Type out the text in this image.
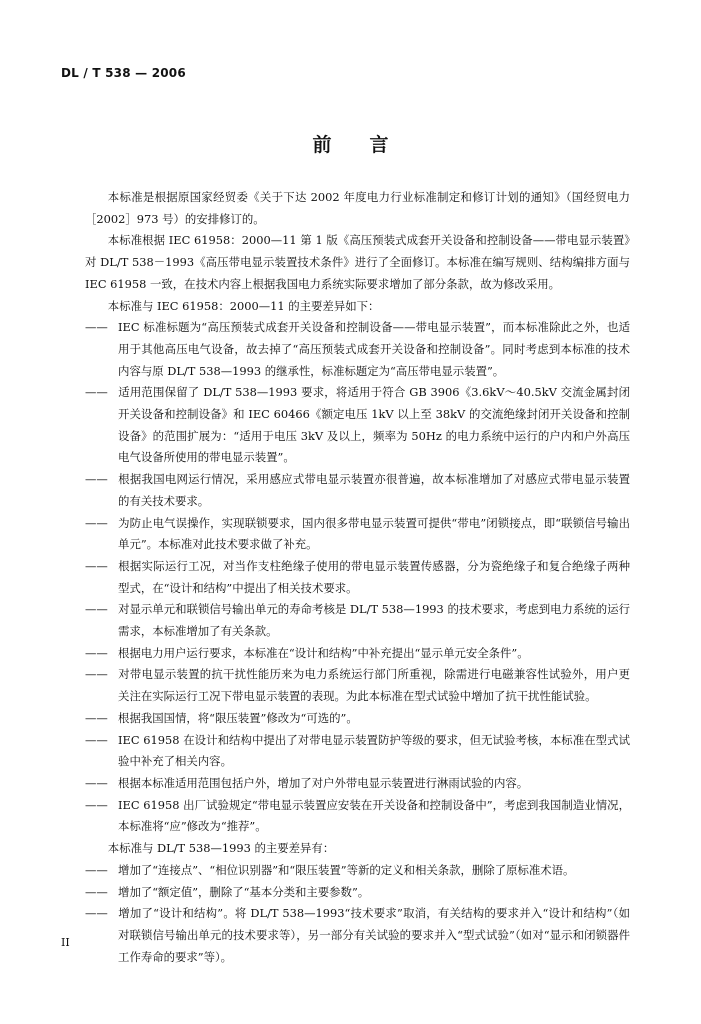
DL / T 538 — 2006
前言

本标准是根据原国家经贸委《关于下达 2002 年度电力行业标准制定和修订计划的通知》（国经贸电力［2002］973 号）的安排修订的。

本标准根据 IEC 61958：2000—11 第 1 版《高压预装式成套开关设备和控制设备——带电显示装置》对 DL/T 538－1993《高压带电显示装置技术条件》进行了全面修订。本标准在编写规则、结构编排方面与 IEC 61958 一致，在技术内容上根据我国电力系统实际要求增加了部分条款，故为修改采用。

本标准与 IEC 61958：2000—11 的主要差异如下：

—— IEC 标准标题为“高压预装式成套开关设备和控制设备——带电显示装置”，而本标准除此之外，也适用于其他高压电气设备，故去掉了“高压预装式成套开关设备和控制设备”。同时考虑到本标准的技术内容与原 DL/T 538—1993 的继承性，标准标题定为“高压带电显示装置”。

—— 适用范围保留了 DL/T 538—1993 要求，将适用于符合 GB 3906《3.6kV～40.5kV 交流金属封闭开关设备和控制设备》和 IEC 60466《额定电压 1kV 以上至 38kV 的交流绝缘封闭开关设备和控制设备》的范围扩展为：“适用于电压 3kV 及以上，频率为 50Hz 的电力系统中运行的户内和户外高压电气设备所使用的带电显示装置”。

—— 根据我国电网运行情况，采用感应式带电显示装置亦很普遍，故本标准增加了对感应式带电显示装置的有关技术要求。

—— 为防止电气误操作，实现联锁要求，国内很多带电显示装置可提供“带电”闭锁接点，即“联锁信号输出单元”。本标准对此技术要求做了补充。

—— 根据实际运行工况，对当作支柱绝缘子使用的带电显示装置传感器，分为瓷绝缘子和复合绝缘子两种型式，在“设计和结构”中提出了相关技术要求。

—— 对显示单元和联锁信号输出单元的寿命考核是 DL/T 538—1993 的技术要求，考虑到电力系统的运行需求，本标准增加了有关条款。

—— 根据电力用户运行要求，本标准在“设计和结构”中补充提出“显示单元安全条件”。

—— 对带电显示装置的抗干扰性能历来为电力系统运行部门所重视，除需进行电磁兼容性试验外，用户更关注在实际运行工况下带电显示装置的表现。为此本标准在型式试验中增加了抗干扰性能试验。

—— 根据我国国情，将“限压装置”修改为“可选的”。

—— IEC 61958 在设计和结构中提出了对带电显示装置防护等级的要求，但无试验考核，本标准在型式试验中补充了相关内容。

—— 根据本标准适用范围包括户外，增加了对户外带电显示装置进行淋雨试验的内容。

—— IEC 61958 出厂试验规定“带电显示装置应安装在开关设备和控制设备中”，考虑到我国制造业情况，本标准将“应”修改为“推荐”。

本标准与 DL/T 538—1993 的主要差异有：

—— 增加了“连接点”、“相位识别器”和“限压装置”等新的定义和相关条款，删除了原标准术语。

—— 增加了“额定值”，删除了“基本分类和主要参数”。

—— 增加了“设计和结构”。将 DL/T 538—1993“技术要求”取消，有关结构的要求并入“设计和结构”（如对联锁信号输出单元的技术要求等），另一部分有关试验的要求并入“型式试验”（如对“显示和闭锁器件工作寿命的要求”等）。

II
